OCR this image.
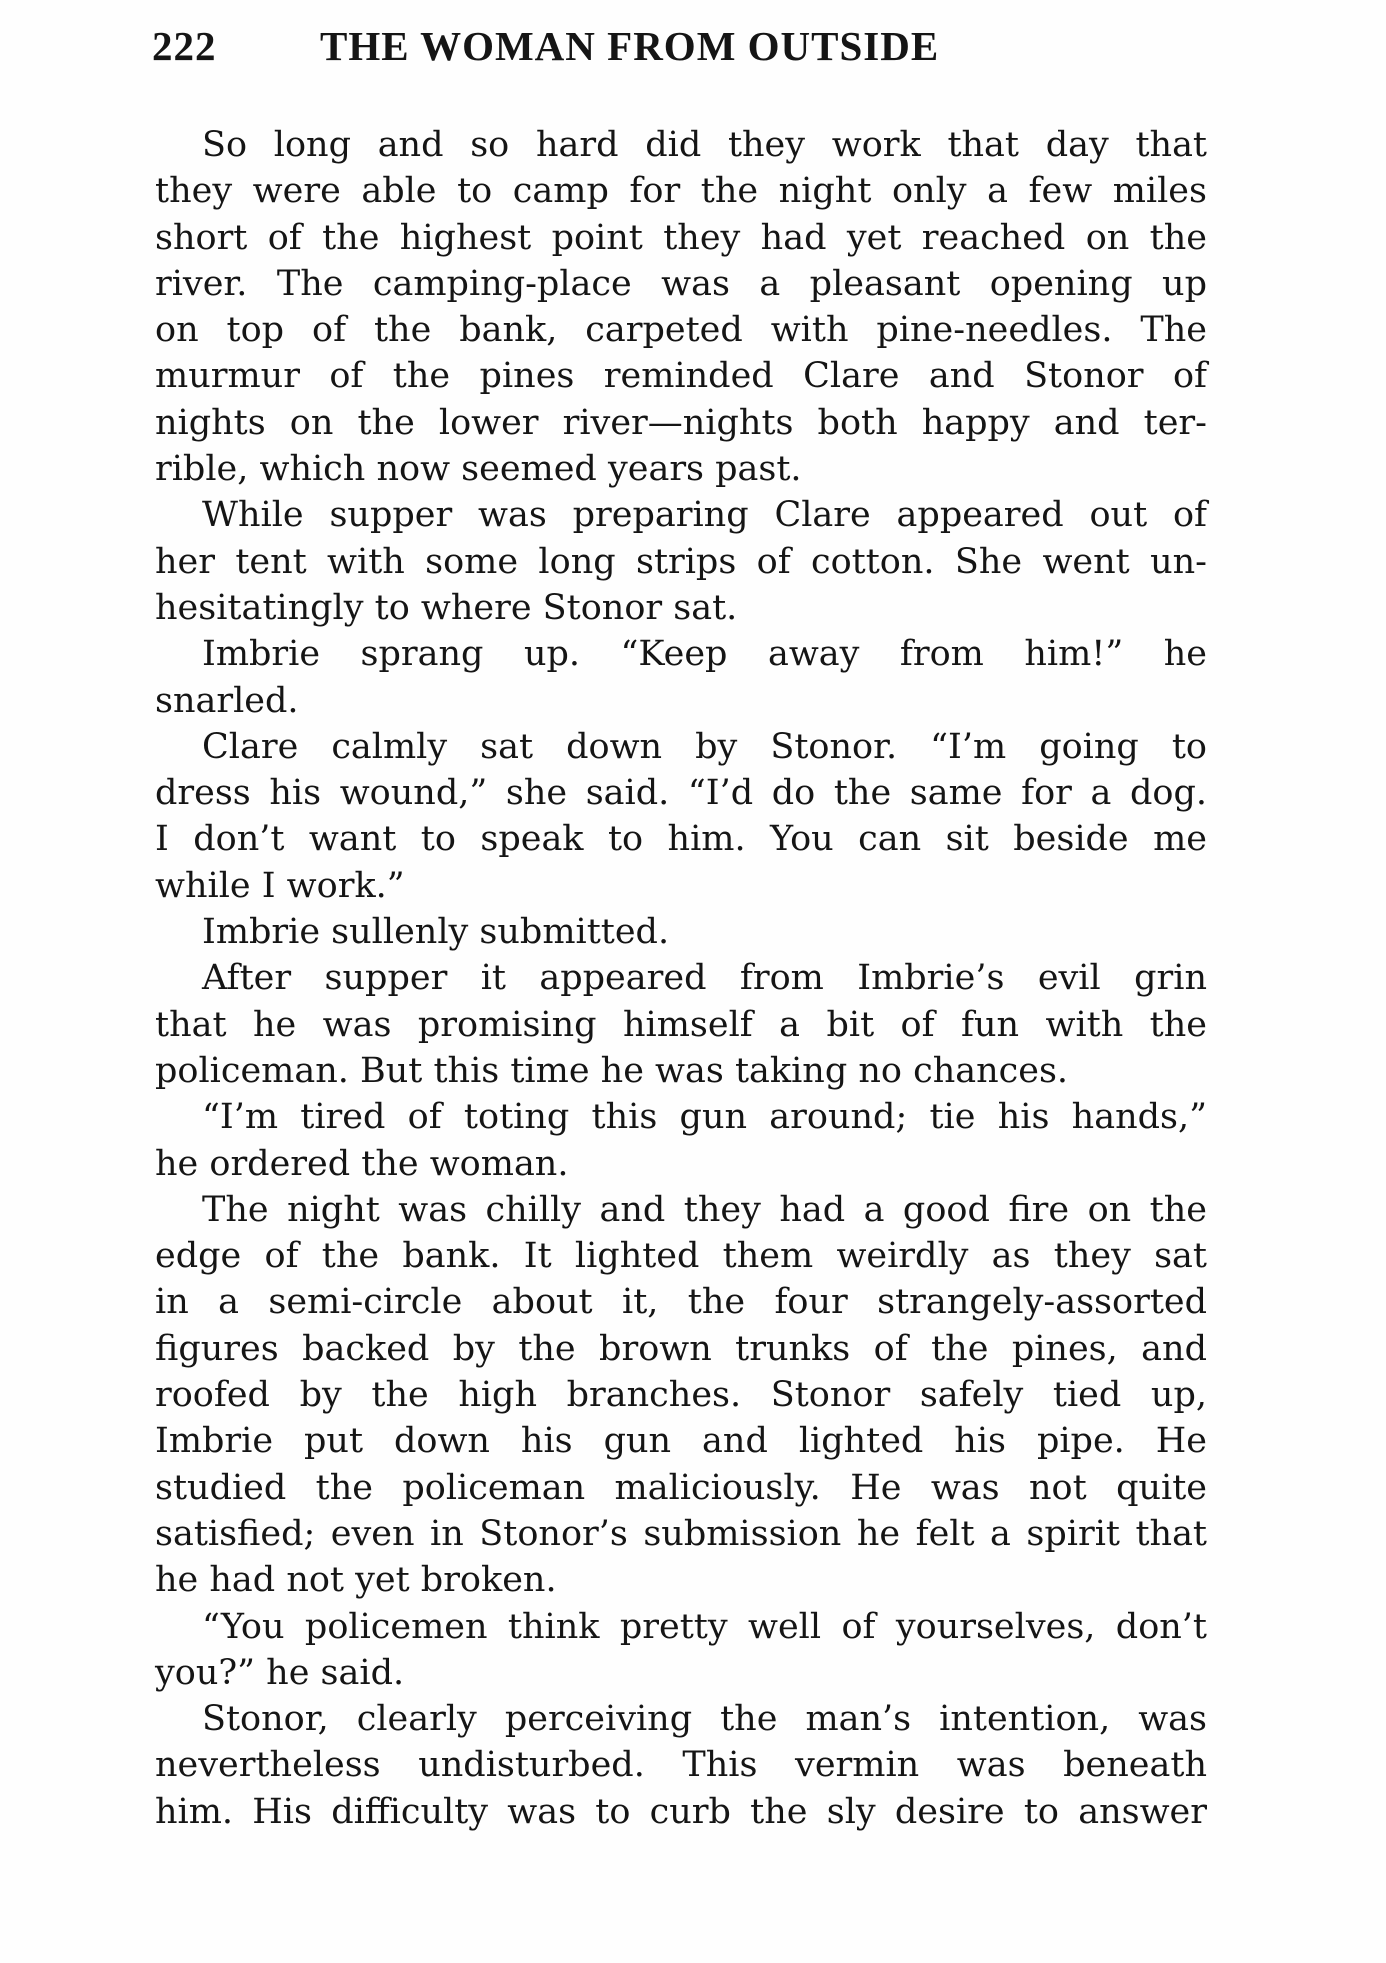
222	THE WOMAN FROM OUTSIDE
So long and so hard did they work that day that
they were able to camp for the night only a few miles
short of the highest point they had yet reached on the
river. The camping-place was a pleasant opening up
on top of the bank, carpeted with pine-needles. The
murmur of the pines reminded Clare and Stonor of
nights on the lower river—nights both happy and ter-
rible, which now seemed years past.
While supper was preparing Clare appeared out of
her tent with some long strips of cotton. She went un-
hesitatingly to where Stonor sat.
Imbrie sprang up. “Keep away from him!” he
snarled.
Clare calmly sat down by Stonor. “I’m going to
dress his wound,” she said. “I’d do the same for a dog.
I don’t want to speak to him. You can sit beside me
while I work.”
Imbrie sullenly submitted.
After supper it appeared from Imbrie’s evil grin
that he was promising himself a bit of fun with the
policeman. But this time he was taking no chances.
“I’m tired of toting this gun around; tie his hands,”
he ordered the woman.
The night was chilly and they had a good fire on the
edge of the bank. It lighted them weirdly as they sat
in a semi-circle about it, the four strangely-assorted
figures backed by the brown trunks of the pines, and
roofed by the high branches. Stonor safely tied up,
Imbrie put down his gun and lighted his pipe. He
studied the policeman maliciously. He was not quite
satisfied; even in Stonor’s submission he felt a spirit that
he had not yet broken.
“You policemen think pretty well of yourselves, don’t
you?” he said.
Stonor, clearly perceiving the man’s intention, was
nevertheless undisturbed. This vermin was beneath
him. His difficulty was to curb the sly desire to answer
